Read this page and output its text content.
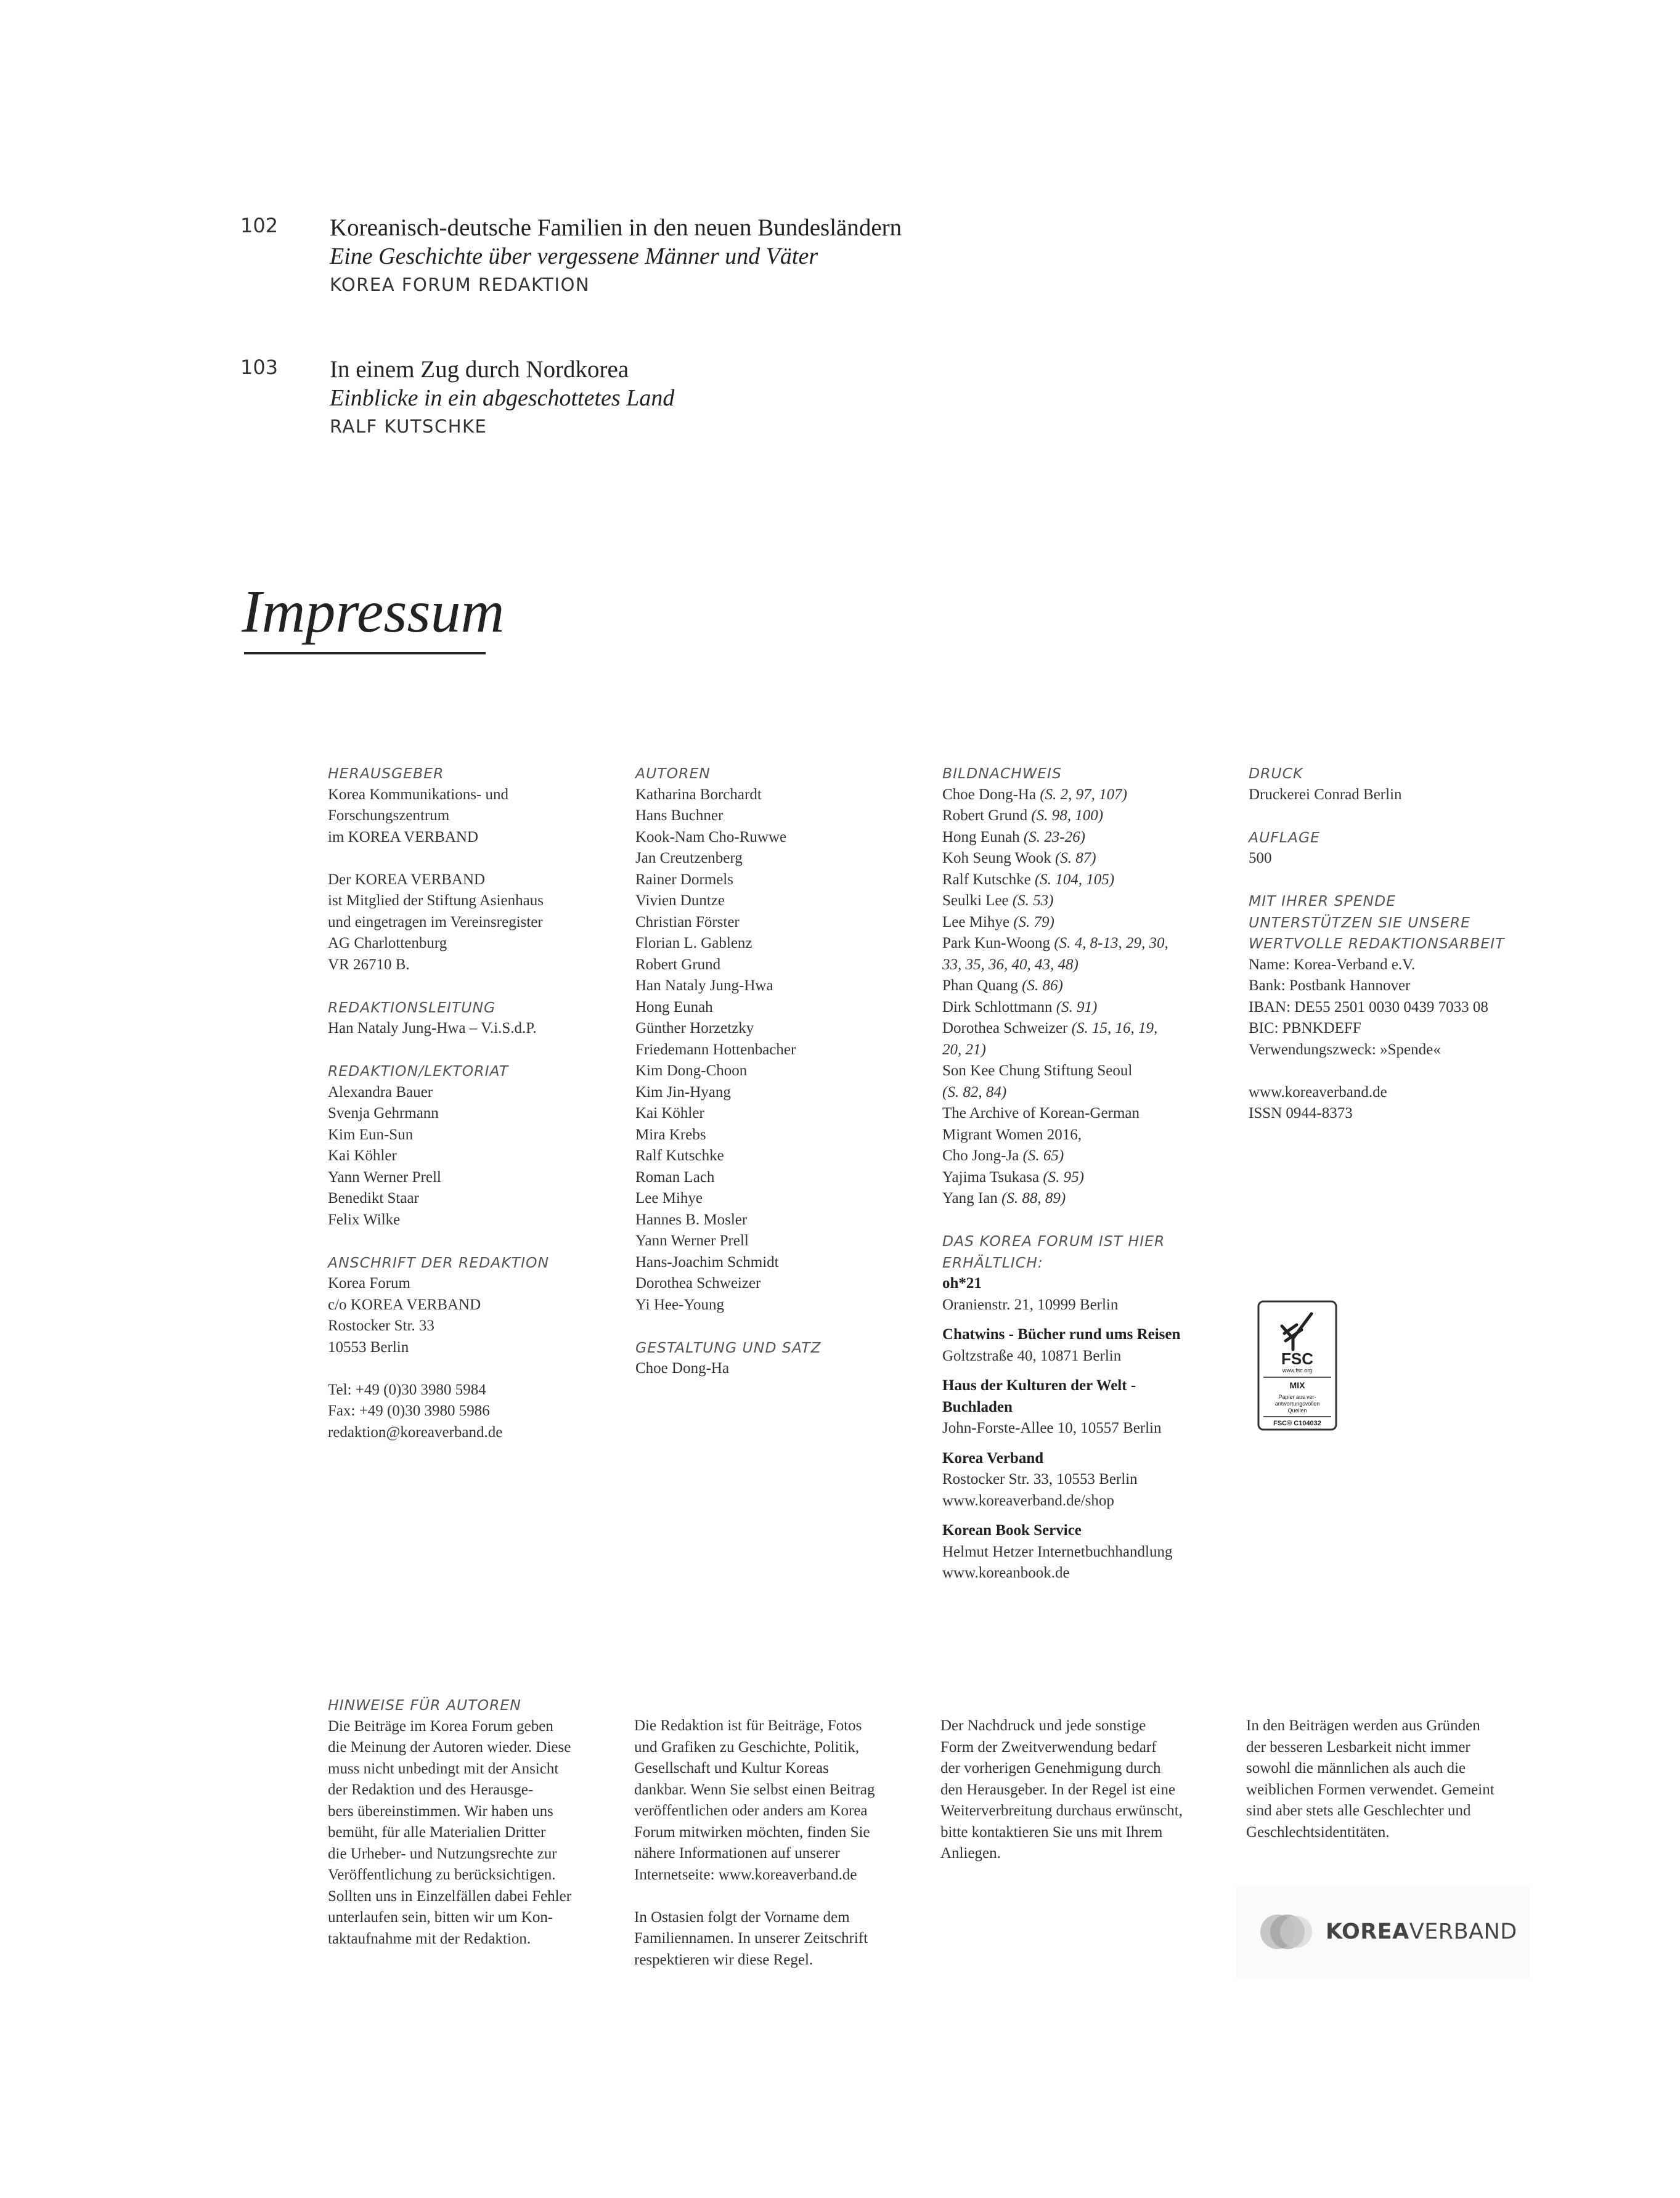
102 Koreanisch-deutsche Familien in den neuen Bundesländern
Eine Geschichte über vergessene Männer und Väter
KOREA FORUM REDAKTION
103 In einem Zug durch Nordkorea
Einblicke in ein abgeschottetes Land
RALF KUTSCHKE
Impressum
HERAUSGEBER
Korea Kommunikations- und
Forschungszentrum
im KOREA VERBAND
Der KOREA VERBAND
ist Mitglied der Stiftung Asienhaus
und eingetragen im Vereinsregister
AG Charlottenburg
VR 26710 B.
REDAKTIONSLEITUNG
Han Nataly Jung-Hwa – V.i.S.d.P.
REDAKTION/LEKTORIAT
Alexandra Bauer
Svenja Gehrmann
Kim Eun-Sun
Kai Köhler
Yann Werner Prell
Benedikt Staar
Felix Wilke
ANSCHRIFT DER REDAKTION
Korea Forum
c/o KOREA VERBAND
Rostocker Str. 33
10553 Berlin
Tel: +49 (0)30 3980 5984
Fax: +49 (0)30 3980 5986
redaktion@koreaverband.de
AUTOREN
Katharina Borchardt
Hans Buchner
Kook-Nam Cho-Ruwwe
Jan Creutzenberg
Rainer Dormels
Vivien Duntze
Christian Förster
Florian L. Gablenz
Robert Grund
Han Nataly Jung-Hwa
Hong Eunah
Günther Horzetzky
Friedemann Hottenbacher
Kim Dong-Choon
Kim Jin-Hyang
Kai Köhler
Mira Krebs
Ralf Kutschke
Roman Lach
Lee Mihye
Hannes B. Mosler
Yann Werner Prell
Hans-Joachim Schmidt
Dorothea Schweizer
Yi Hee-Young
GESTALTUNG UND SATZ
Choe Dong-Ha
BILDNACHWEIS
Choe Dong-Ha (S. 2, 97, 107)
Robert Grund (S. 98, 100)
Hong Eunah (S. 23-26)
Koh Seung Wook (S. 87)
Ralf Kutschke (S. 104, 105)
Seulki Lee (S. 53)
Lee Mihye (S. 79)
Park Kun-Woong (S. 4, 8-13, 29, 30,
33, 35, 36, 40, 43, 48)
Phan Quang (S. 86)
Dirk Schlottmann (S. 91)
Dorothea Schweizer (S. 15, 16, 19,
20, 21)
Son Kee Chung Stiftung Seoul
(S. 82, 84)
The Archive of Korean-German
Migrant Women 2016,
Cho Jong-Ja (S. 65)
Yajima Tsukasa (S. 95)
Yang Ian (S. 88, 89)
DAS KOREA FORUM IST HIER
ERHÄLTLICH:
oh*21
Oranienstr. 21, 10999 Berlin
Chatwins - Bücher rund ums Reisen
Goltzstraße 40, 10871 Berlin
Haus der Kulturen der Welt -
Buchladen
John-Forste-Allee 10, 10557 Berlin
Korea Verband
Rostocker Str. 33, 10553 Berlin
www.koreaverband.de/shop
Korean Book Service
Helmut Hetzer Internetbuchhandlung
www.koreanbook.de
DRUCK
Druckerei Conrad Berlin
AUFLAGE
500
MIT IHRER SPENDE
UNTERSTÜTZEN SIE UNSERE
WERTVOLLE REDAKTIONSARBEIT
Name: Korea-Verband e.V.
Bank: Postbank Hannover
IBAN: DE55 2501 0030 0439 7033 08
BIC: PBNKDEFF
Verwendungszweck: »Spende«
www.koreaverband.de
ISSN 0944-8373
FSC
www.fsc.org
MIX
Papier aus ver-
antwortungsvollen
Quellen
FSC® C104032
HINWEISE FÜR AUTOREN
Die Beiträge im Korea Forum geben
die Meinung der Autoren wieder. Diese
muss nicht unbedingt mit der Ansicht
der Redaktion und des Herausge-
bers übereinstimmen. Wir haben uns
bemüht, für alle Materialien Dritter
die Urheber- und Nutzungsrechte zur
Veröffentlichung zu berücksichtigen.
Sollten uns in Einzelfällen dabei Fehler
unterlaufen sein, bitten wir um Kon-
taktaufnahme mit der Redaktion.
Die Redaktion ist für Beiträge, Fotos
und Grafiken zu Geschichte, Politik,
Gesellschaft und Kultur Koreas
dankbar. Wenn Sie selbst einen Beitrag
veröffentlichen oder anders am Korea
Forum mitwirken möchten, finden Sie
nähere Informationen auf unserer
Internetseite: www.koreaverband.de
In Ostasien folgt der Vorname dem
Familiennamen. In unserer Zeitschrift
respektieren wir diese Regel.
Der Nachdruck und jede sonstige
Form der Zweitverwendung bedarf
der vorherigen Genehmigung durch
den Herausgeber. In der Regel ist eine
Weiterverbreitung durchaus erwünscht,
bitte kontaktieren Sie uns mit Ihrem
Anliegen.
In den Beiträgen werden aus Gründen
der besseren Lesbarkeit nicht immer
sowohl die männlichen als auch die
weiblichen Formen verwendet. Gemeint
sind aber stets alle Geschlechter und
Geschlechtsidentitäten.
KOREAVERBAND
